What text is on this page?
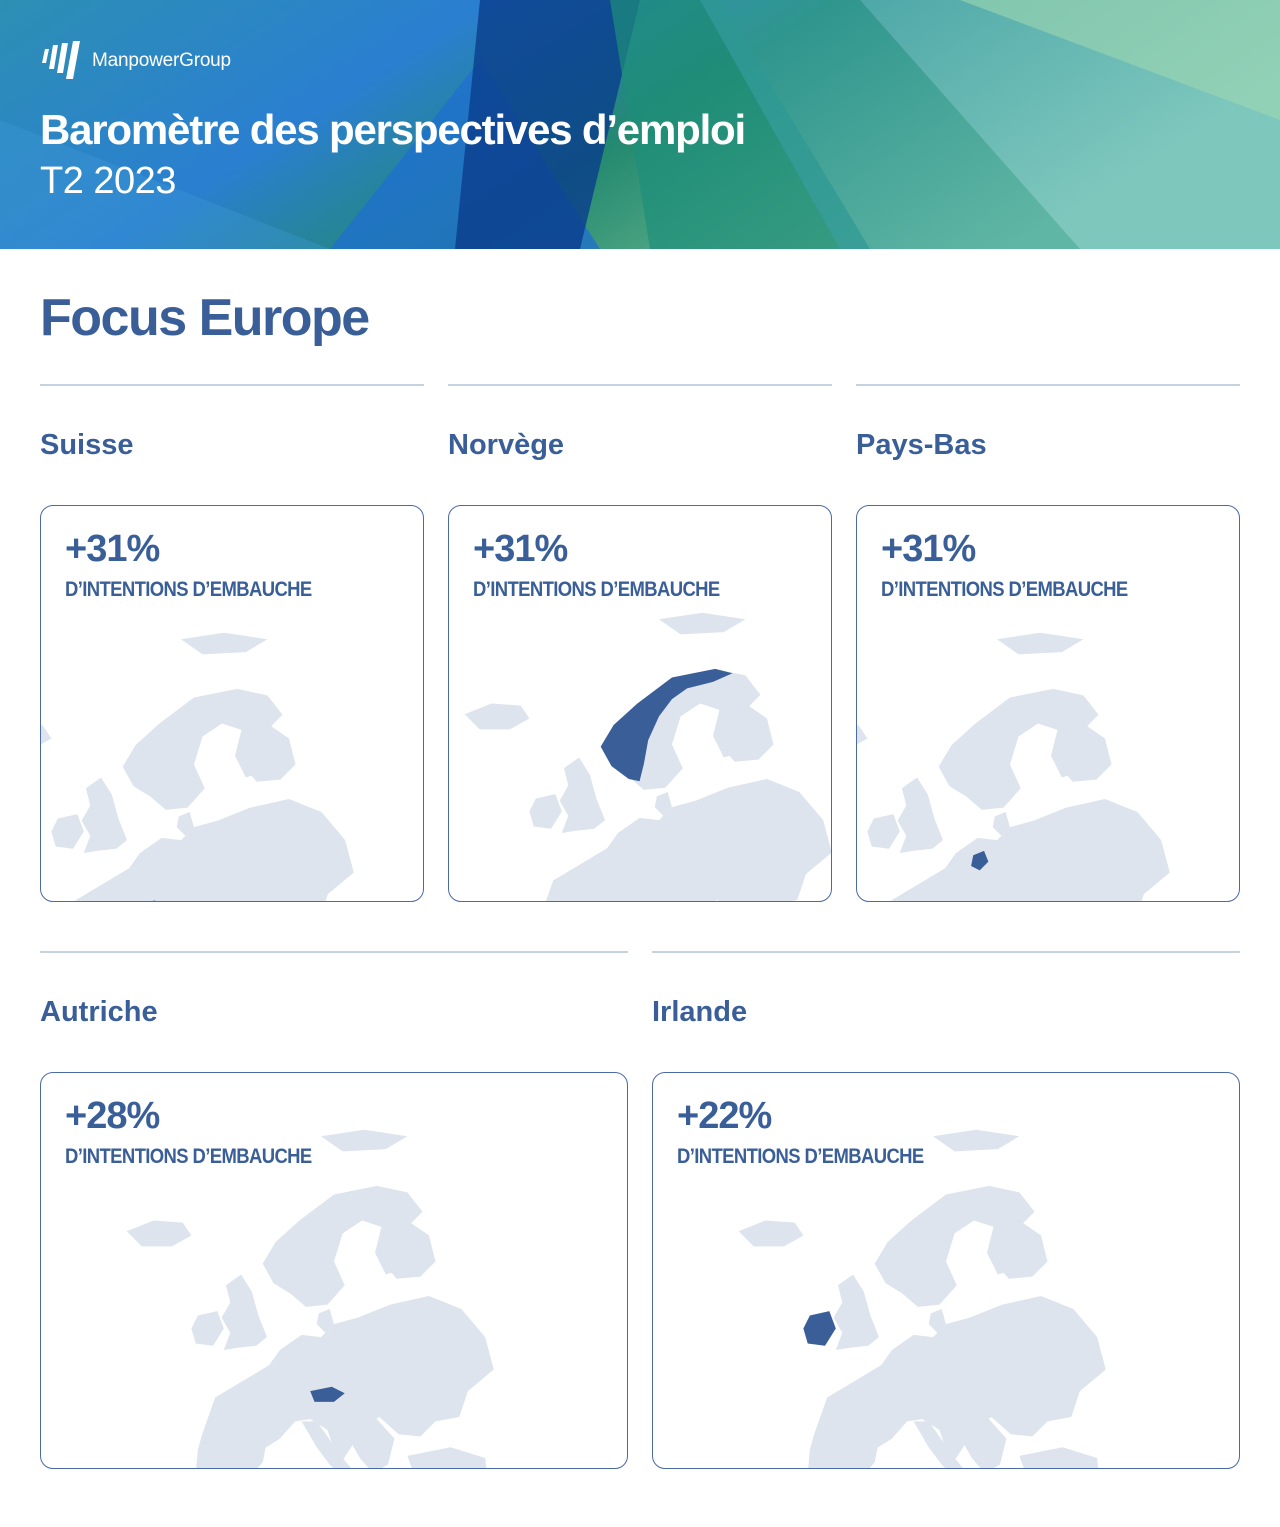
ManpowerGroup
Baromètre des perspectives d’emploi
T2 2023
Focus Europe
Suisse
+31%
D’INTENTIONS D’EMBAUCHE
Norvège
+31%
D’INTENTIONS D’EMBAUCHE
Pays-Bas
+31%
D’INTENTIONS D’EMBAUCHE
Autriche
+28%
D’INTENTIONS D’EMBAUCHE
Irlande
+22%
D’INTENTIONS D’EMBAUCHE
